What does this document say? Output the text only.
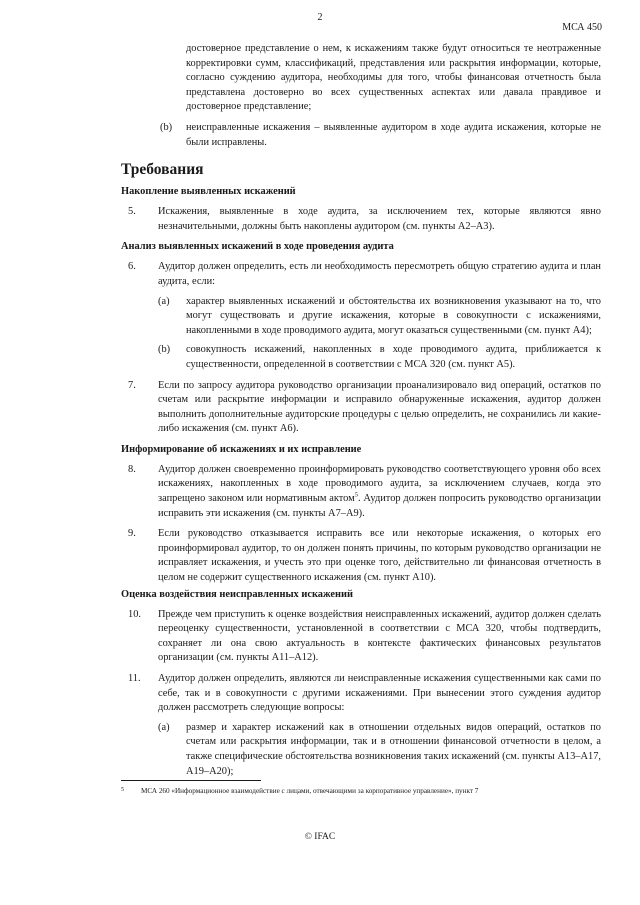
2
МСА 450

достоверное представление о нем, к искажениям также будут относиться те неотраженные корректировки сумм, классификаций, представления или раскрытия информации, которые, согласно суждению аудитора, необходимы для того, чтобы финансовая отчетность была представлена достоверно во всех существенных аспектах или давала правдивое и достоверное представление;

(b) неисправленные искажения – выявленные аудитором в ходе аудита искажения, которые не были исправлены.
Требования
Накопление выявленных искажений
5. Искажения, выявленные в ходе аудита, за исключением тех, которые являются явно незначительными, должны быть накоплены аудитором (см. пункты А2–А3).
Анализ выявленных искажений в ходе проведения аудита
6. Аудитор должен определить, есть ли необходимость пересмотреть общую стратегию аудита и план аудита, если:
(a) характер выявленных искажений и обстоятельства их возникновения указывают на то, что могут существовать и другие искажения, которые в совокупности с искажениями, накопленными в ходе проводимого аудита, могут оказаться существенными (см. пункт А4);
(b) совокупность искажений, накопленных в ходе проводимого аудита, приближается к существенности, определенной в соответствии с МСА 320 (см. пункт А5).
7. Если по запросу аудитора руководство организации проанализировало вид операций, остатков по счетам или раскрытие информации и исправило обнаруженные искажения, аудитор должен выполнить дополнительные аудиторские процедуры с целью определить, не сохранились ли какие-либо искажения (см. пункт А6).
Информирование об искажениях и их исправление
8. Аудитор должен своевременно проинформировать руководство соответствующего уровня обо всех искажениях, накопленных в ходе проводимого аудита, за исключением случаев, когда это запрещено законом или нормативным актом$^5$. Аудитор должен попросить руководство организации исправить эти искажения (см. пункты А7–А9).
9. Если руководство отказывается исправить все или некоторые искажения, о которых его проинформировал аудитор, то он должен понять причины, по которым руководство организации не исправляет искажения, и учесть это при оценке того, действительно ли финансовая отчетность в целом не содержит существенного искажения (см. пункт А10).
Оценка воздействия неисправленных искажений
10. Прежде чем приступить к оценке воздействия неисправленных искажений, аудитор должен сделать переоценку существенности, установленной в соответствии с МСА 320, чтобы подтвердить, сохраняет ли она свою актуальность в контексте фактических финансовых результатов организации (см. пункты А11–А12).
11. Аудитор должен определить, являются ли неисправленные искажения существенными как сами по себе, так и в совокупности с другими искажениями. При вынесении этого суждения аудитор должен рассмотреть следующие вопросы:
(a) размер и характер искажений как в отношении отдельных видов операций, остатков по счетам или раскрытия информации, так и в отношении финансовой отчетности в целом, а также специфические обстоятельства возникновения таких искажений (см. пункты А13–А17, А19–А20);
5 МСА 260 «Информационное взаимодействие с лицами, отвечающими за корпоративное управление», пункт 7
© IFAC
